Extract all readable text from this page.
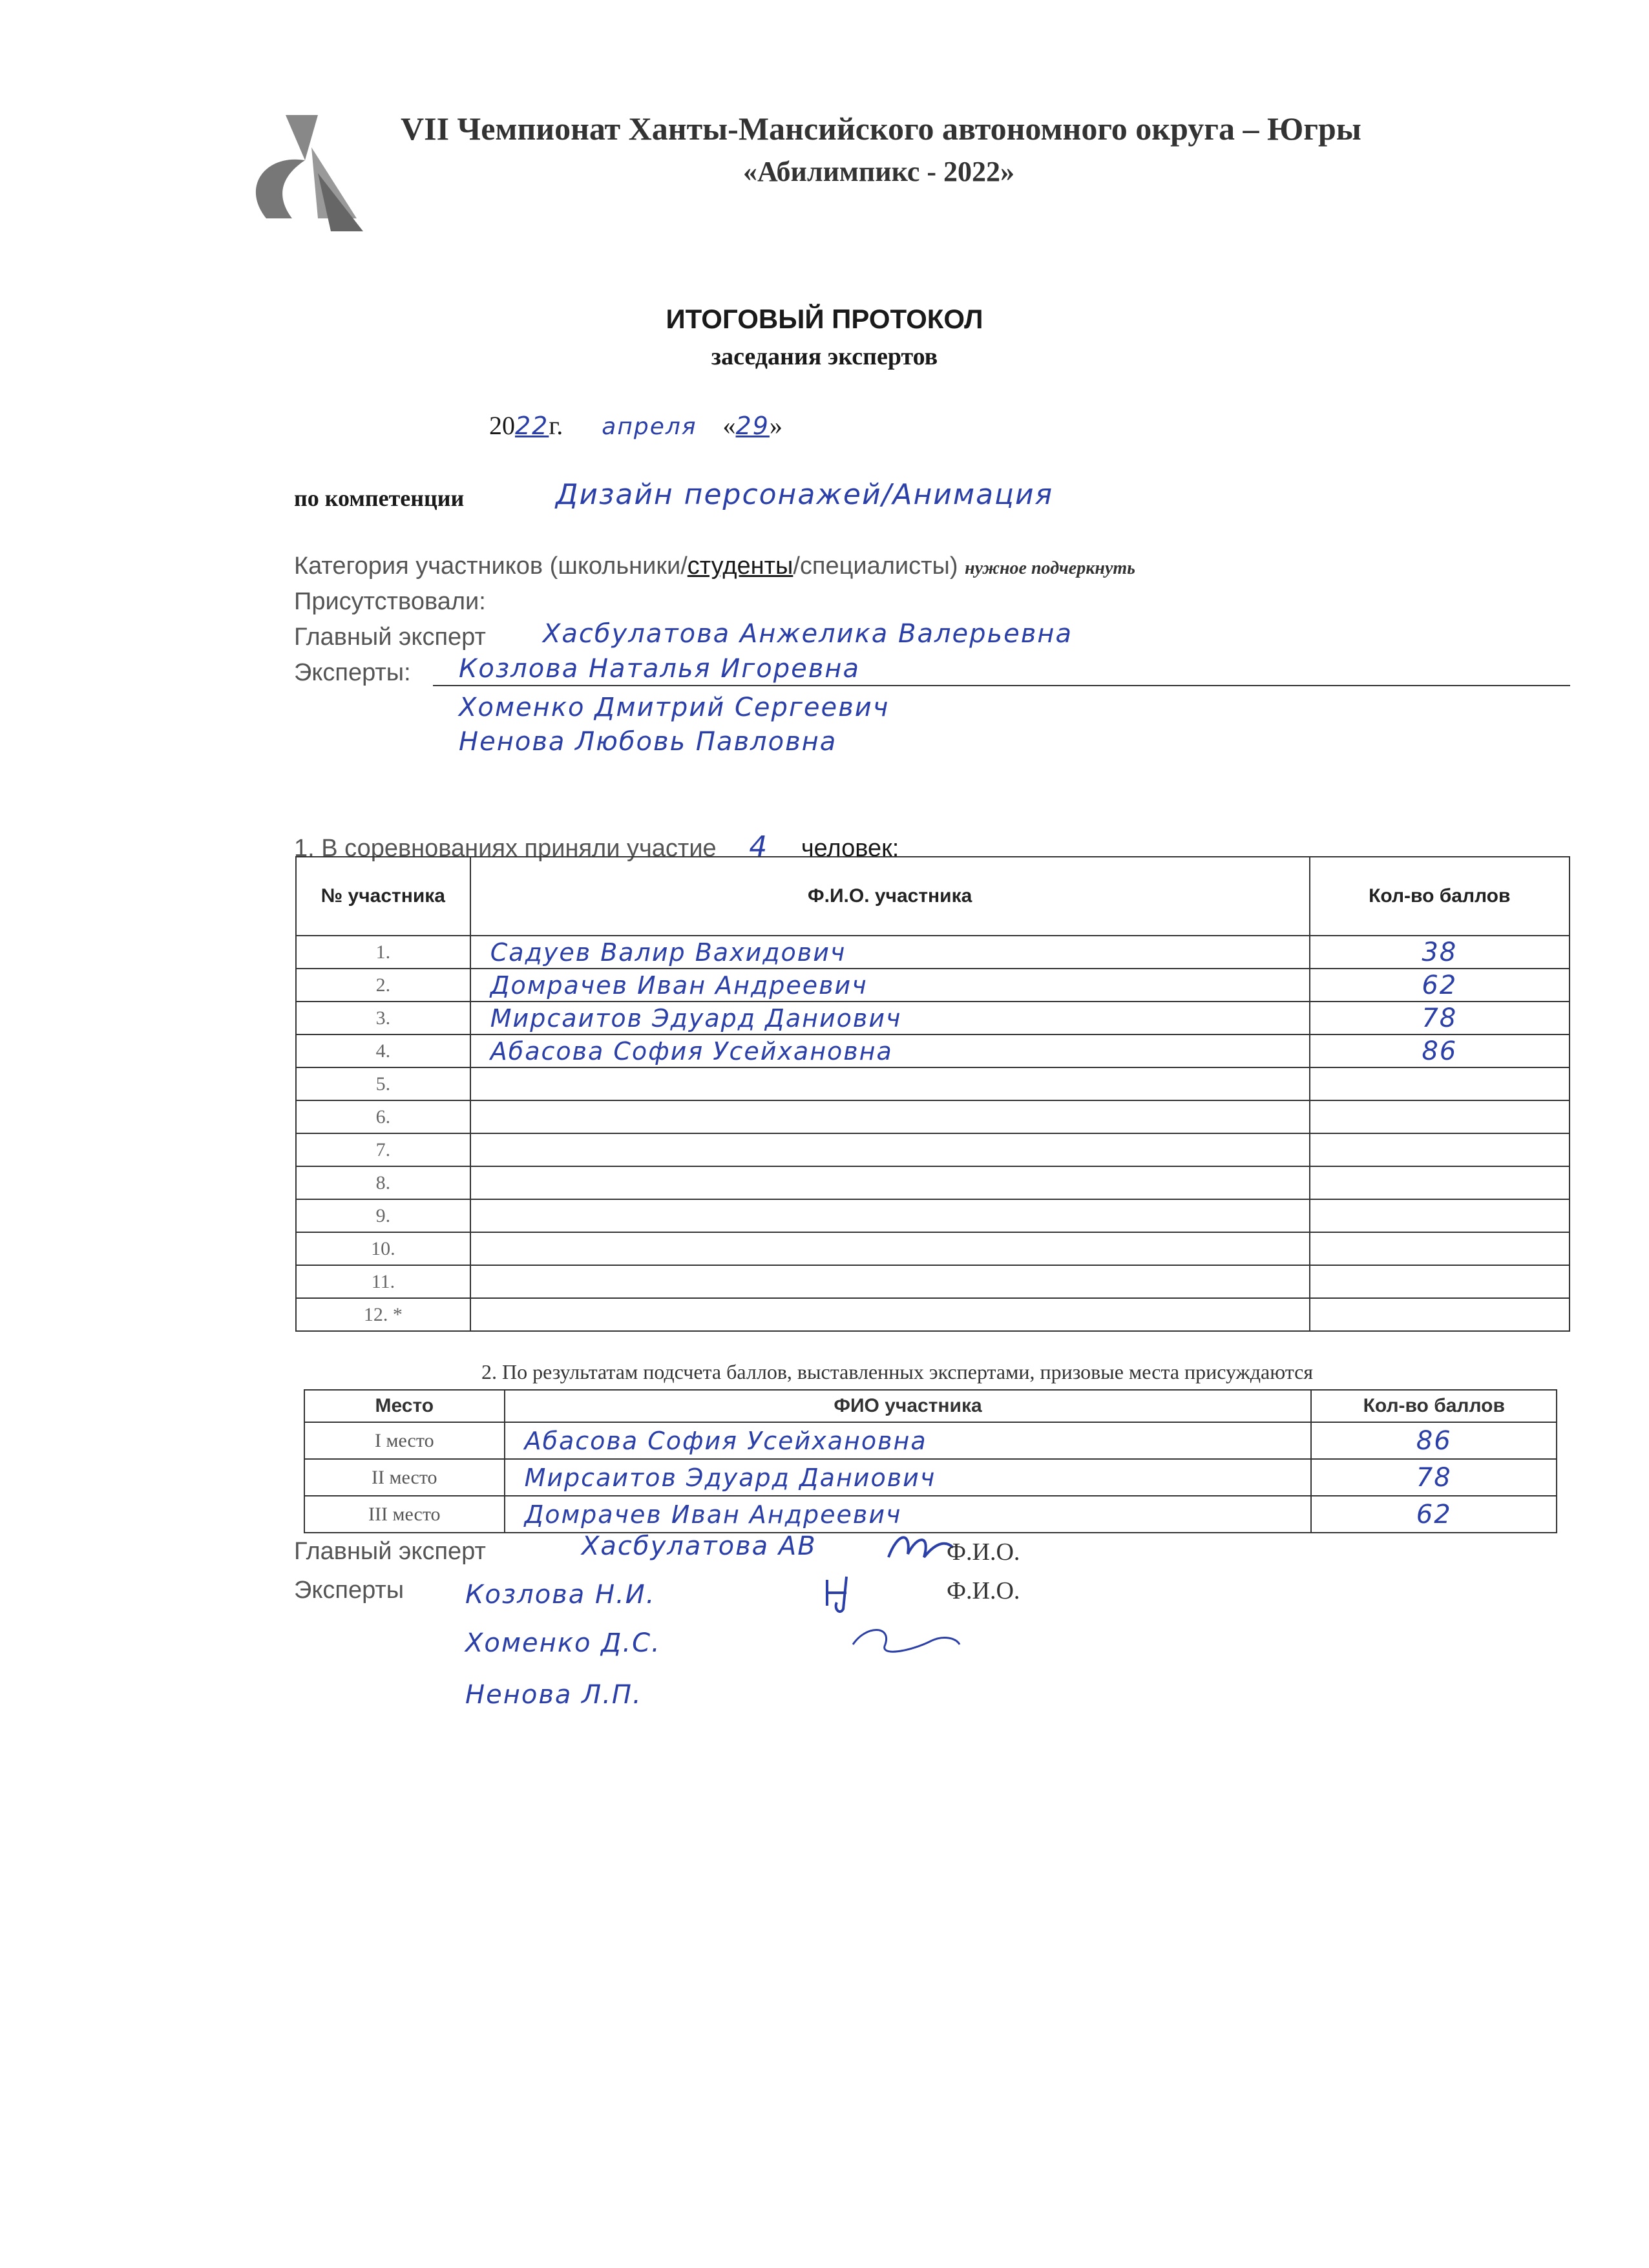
VII Чемпионат Ханты-Мансийского автономного округа – Югры
«Абилимпикс - 2022»
ИТОГОВЫЙ ПРОТОКОЛ
заседания экспертов
2022г. апреля «29»
по компетенции	Дизайн персонажей/Анимация
Категория участников (школьники/студенты/специалисты) нужное подчеркнуть
Присутствовали:
Главный эксперт Хасбулатова Анжелика Валерьевна
Эксперты: Козлова Наталья Игоревна
Хоменко Дмитрий Сергеевич
Ненова Любовь Павловна
1. В соревнованиях приняли участие 4 человек:
№ участника	Ф.И.О. участника	Кол-во баллов
1.	Садуев Валир Вахидович	38
2.	Домрачев Иван Андреевич	62
3.	Мирсаитов Эдуард Даниович	78
4.	Абасова София Усейхановна	86
5.		
6.		
7.		
8.		
9.		
10.		
11.		
12. *		
2. По результатам подсчета баллов, выставленных экспертами, призовые места присуждаются
Место	ФИО участника	Кол-во баллов
I место	Абасова София Усейхановна	86
II место	Мирсаитов Эдуард Даниович	78
III место	Домрачев Иван Андреевич	62
Главный эксперт	Хасбулатова АВ	Ф.И.О.
Эксперты Козлова Н.И.	Ф.И.О.
Хоменко Д.С.
Ненова Л.П.
